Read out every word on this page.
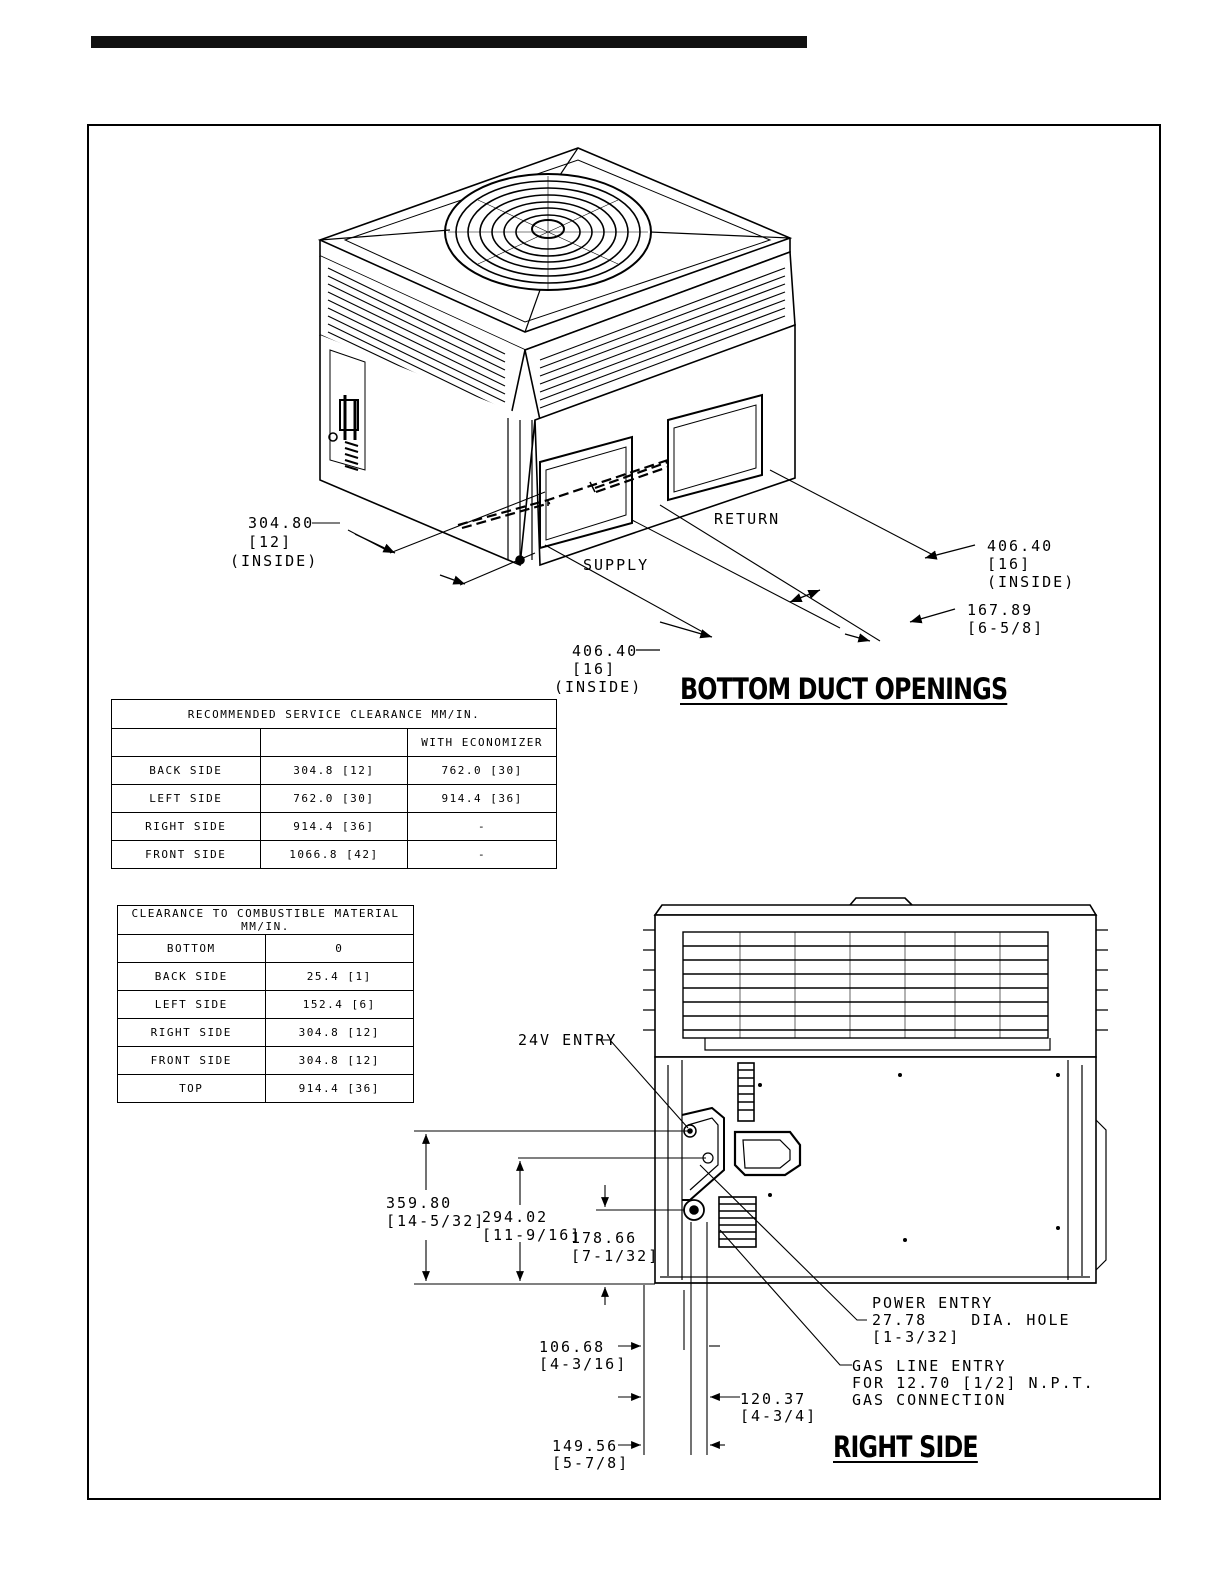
304.80
[12]
(INSIDE)
RETURN
SUPPLY
406.40
[16]
(INSIDE)
167.89
[6-5/8]
406.40
[16]
(INSIDE) BOTTOM DUCT OPENINGS
RECOMMENDED SERVICE CLEARANCE MM/IN.		
		WITH ECONOMIZER
BACK SIDE	304.8 [12]	762.0 [30]
LEFT SIDE	762.0 [30]	914.4 [36]
RIGHT SIDE	914.4 [36]	-
FRONT SIDE	1066.8 [42]	-
CLEARANCE TO COMBUSTIBLE MATERIAL MM/IN.	
BOTTOM	0
BACK SIDE	25.4 [1]
LEFT SIDE	152.4 [6]
RIGHT SIDE	304.8 [12]
FRONT SIDE	304.8 [12]
TOP	914.4 [36]
24V ENTRY
359.80
[14-5/32]
294.02
[11-9/16]
178.66
[7-1/32]
106.68
[4-3/16]
120.37
[4-3/4]
149.56
[5-7/8]
POWER ENTRY
27.78    DIA. HOLE
[1-3/32]
GAS LINE ENTRY
FOR 12.70 [1/2] N.P.T.
GAS CONNECTION
RIGHT SIDE
